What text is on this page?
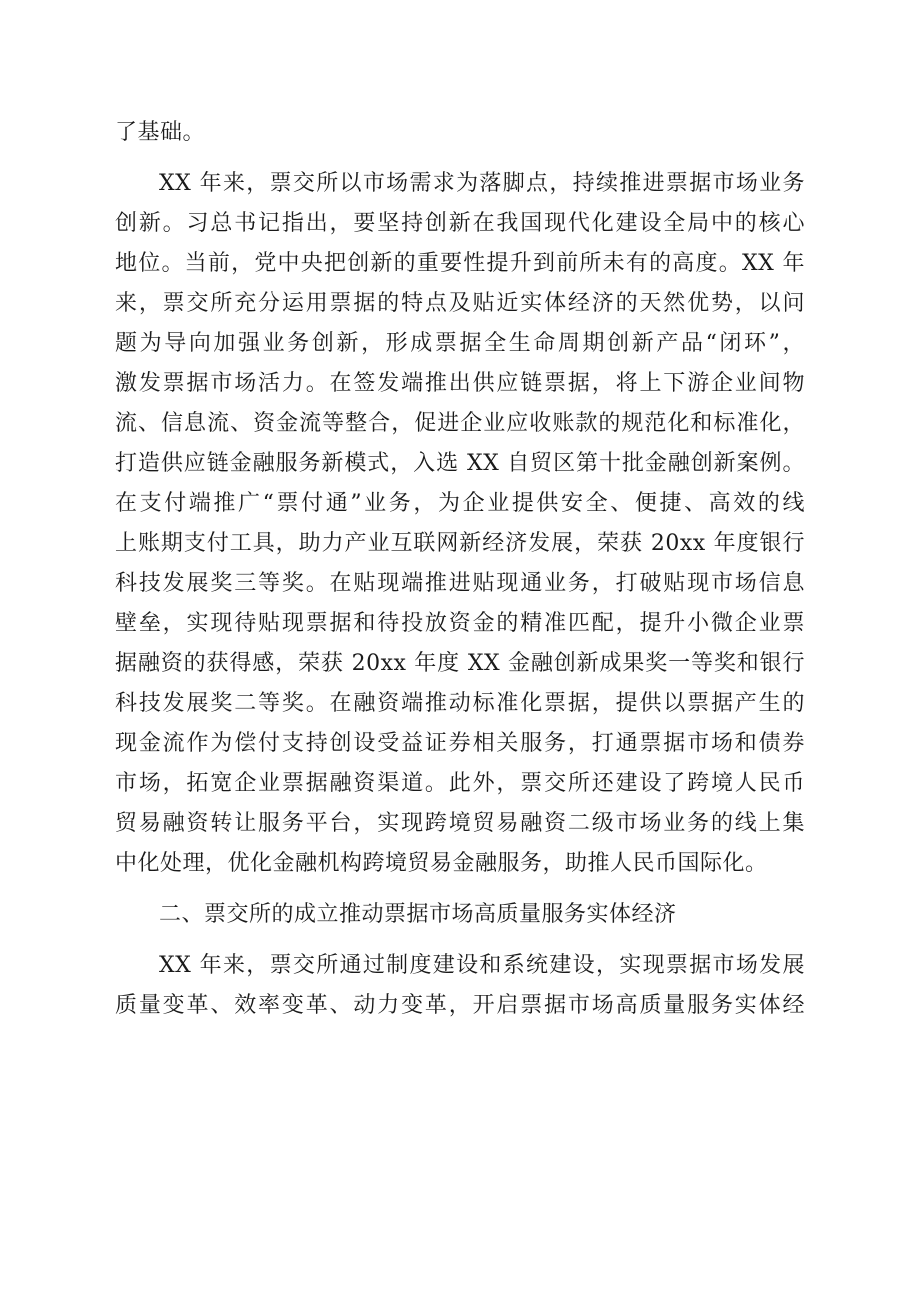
了基础。
XX 年来，票交所以市场需求为落脚点，持续推进票据市场业务
创新。习总书记指出，要坚持创新在我国现代化建设全局中的核心
地位。当前，党中央把创新的重要性提升到前所未有的高度。XX 年
来，票交所充分运用票据的特点及贴近实体经济的天然优势，以问
题为导向加强业务创新，形成票据全生命周期创新产品“闭环”，
激发票据市场活力。在签发端推出供应链票据，将上下游企业间物
流、信息流、资金流等整合，促进企业应收账款的规范化和标准化，
打造供应链金融服务新模式，入选 XX 自贸区第十批金融创新案例。
在支付端推广“票付通”业务，为企业提供安全、便捷、高效的线
上账期支付工具，助力产业互联网新经济发展，荣获 20xx 年度银行
科技发展奖三等奖。在贴现端推进贴现通业务，打破贴现市场信息
壁垒，实现待贴现票据和待投放资金的精准匹配，提升小微企业票
据融资的获得感，荣获 20xx 年度 XX 金融创新成果奖一等奖和银行
科技发展奖二等奖。在融资端推动标准化票据，提供以票据产生的
现金流作为偿付支持创设受益证券相关服务，打通票据市场和债券
市场，拓宽企业票据融资渠道。此外，票交所还建设了跨境人民币
贸易融资转让服务平台，实现跨境贸易融资二级市场业务的线上集
中化处理，优化金融机构跨境贸易金融服务，助推人民币国际化。
二、票交所的成立推动票据市场高质量服务实体经济
XX 年来，票交所通过制度建设和系统建设，实现票据市场发展
质量变革、效率变革、动力变革，开启票据市场高质量服务实体经
